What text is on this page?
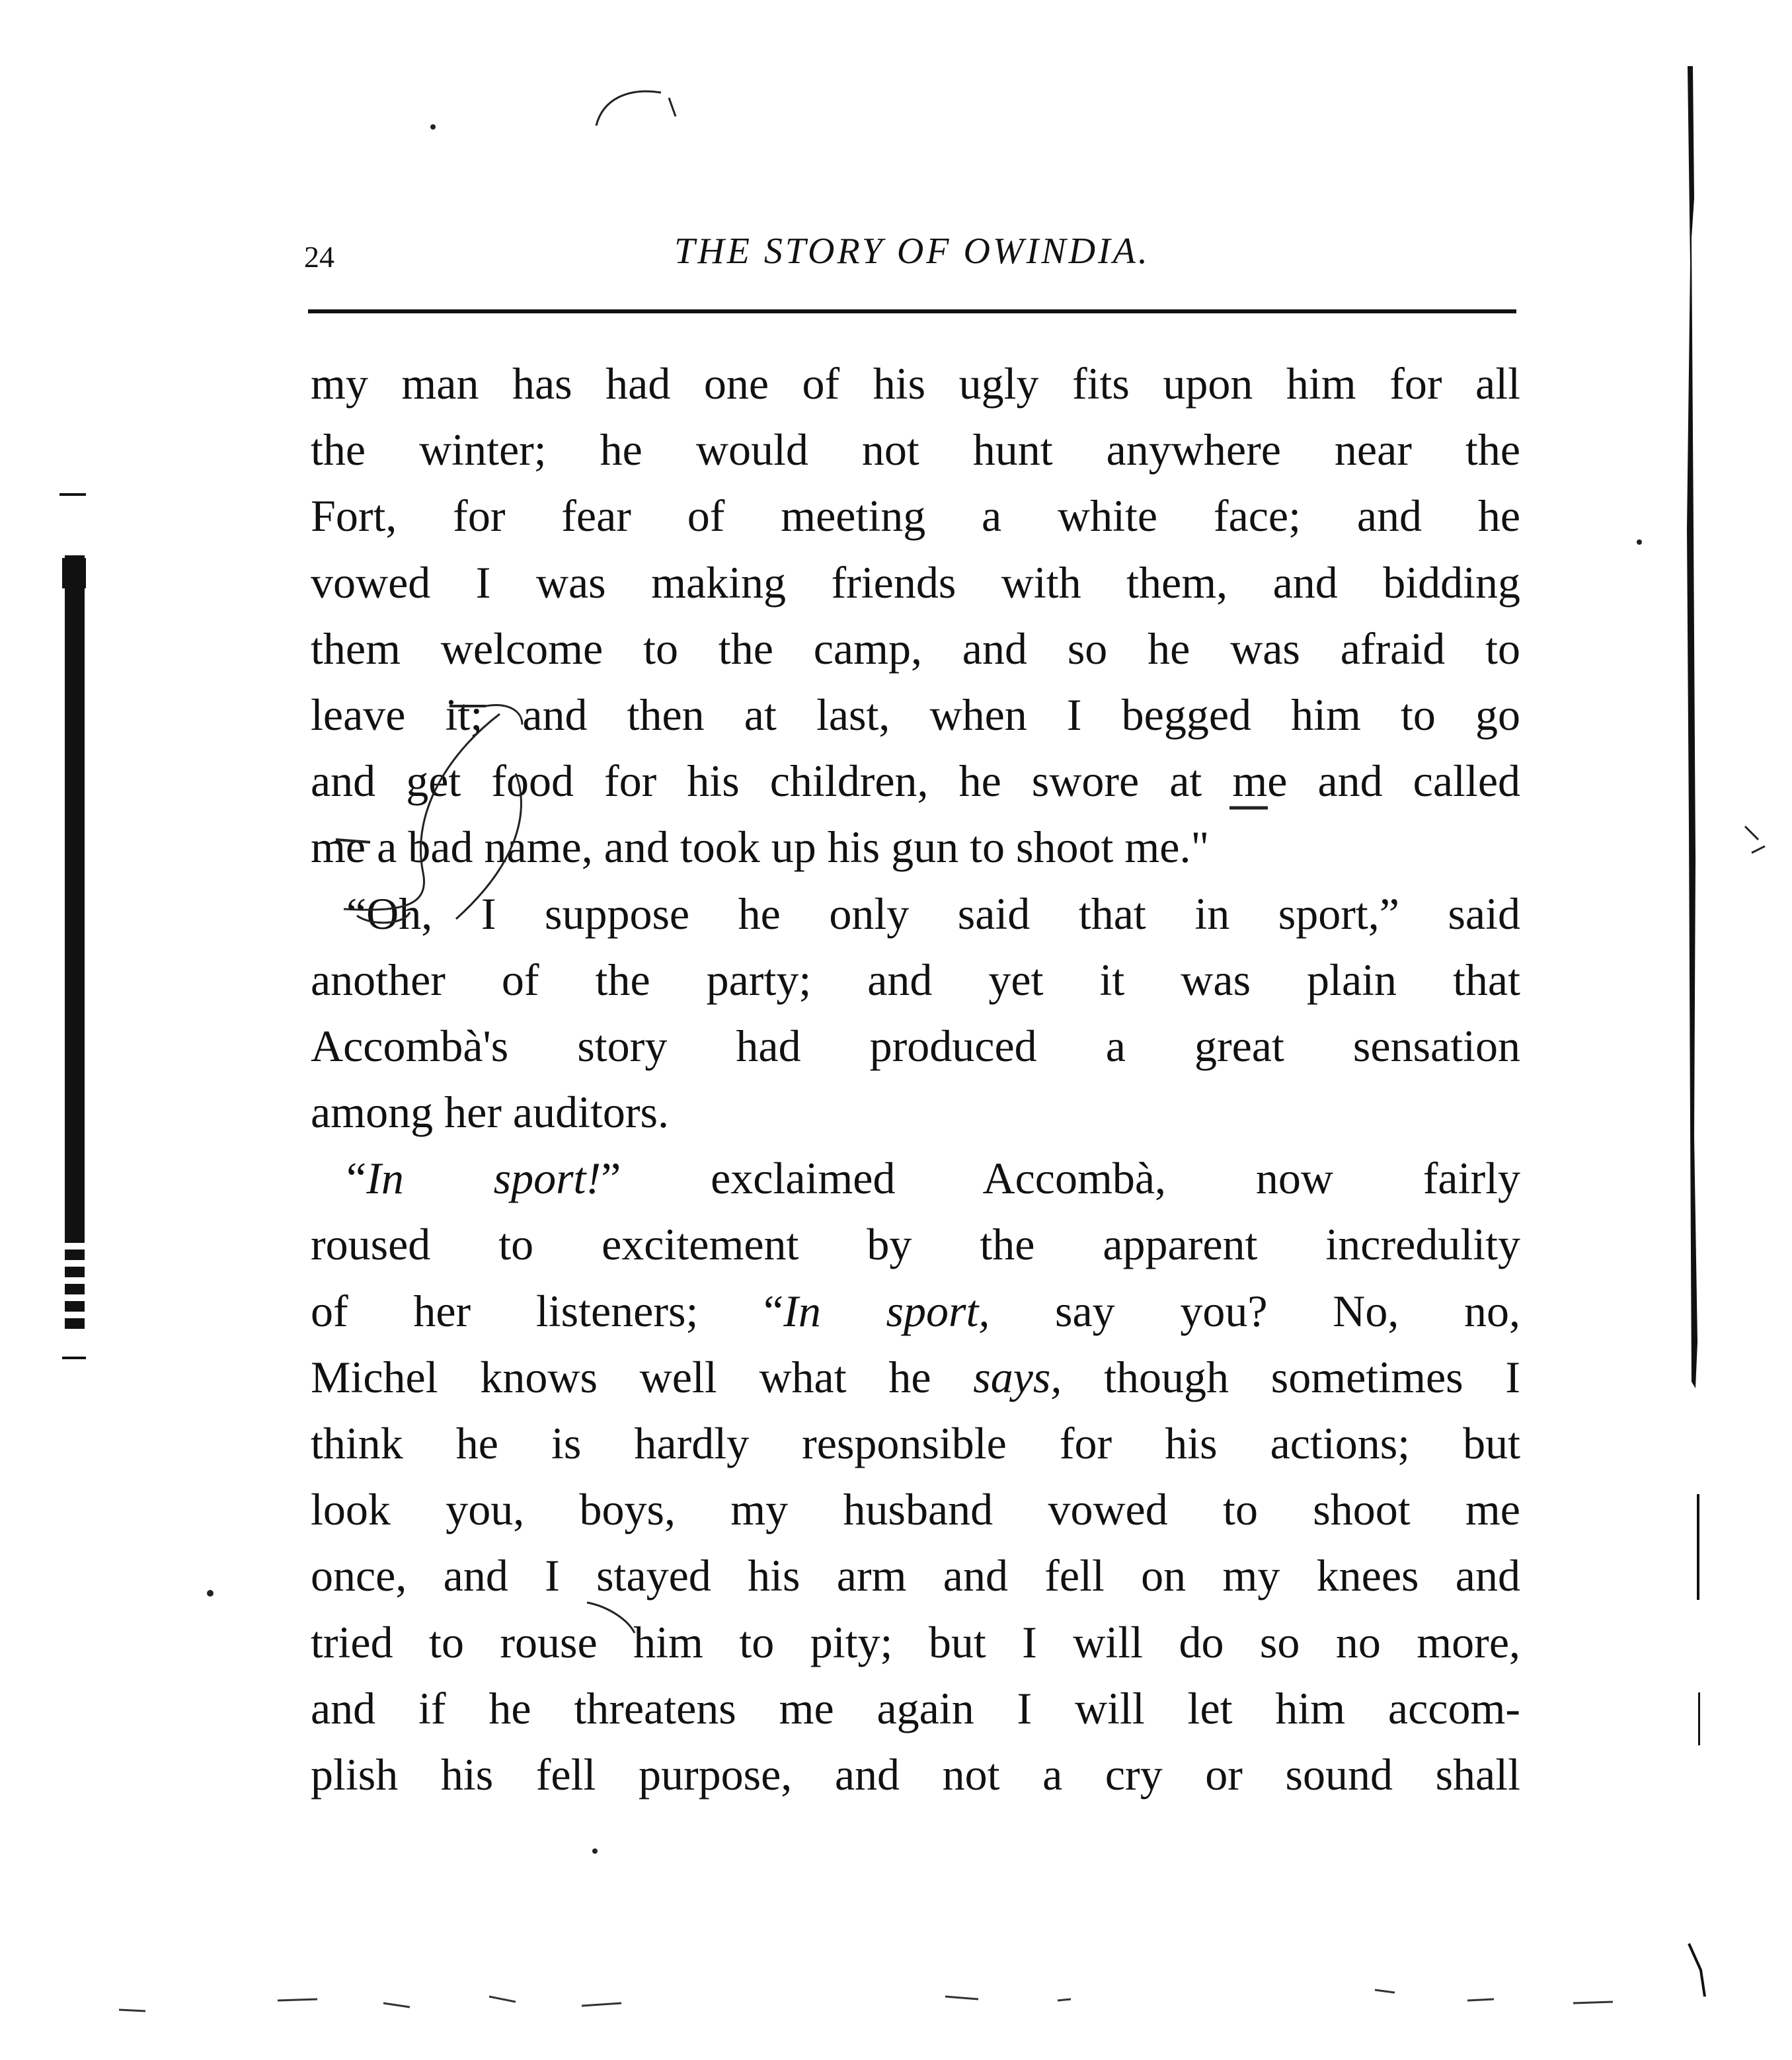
24	THE STORY OF OWINDIA.
my man has had one of his ugly fits upon him for all
the winter; he would not hunt anywhere near the
Fort, for fear of meeting a white face; and he
vowed I was making friends with them, and bidding
them welcome to the camp, and so he was afraid to
leave it; and then at last, when I begged him to go
and get food for his children, he swore at me and called
me a bad name, and took up his gun to shoot me."
“Oh, I suppose he only said that in sport,” said
another of the party; and yet it was plain that
Accombà's story had produced a great sensation
among her auditors.
“In sport!” exclaimed Accombà, now fairly
roused to excitement by the apparent incredulity
of her listeners; “In sport, say you? No, no,
Michel knows well what he says, though sometimes I
think he is hardly responsible for his actions; but
look you, boys, my husband vowed to shoot me
once, and I stayed his arm and fell on my knees and
tried to rouse him to pity; but I will do so no more,
and if he threatens me again I will let him accom-
plish his fell purpose, and not a cry or sound shall
